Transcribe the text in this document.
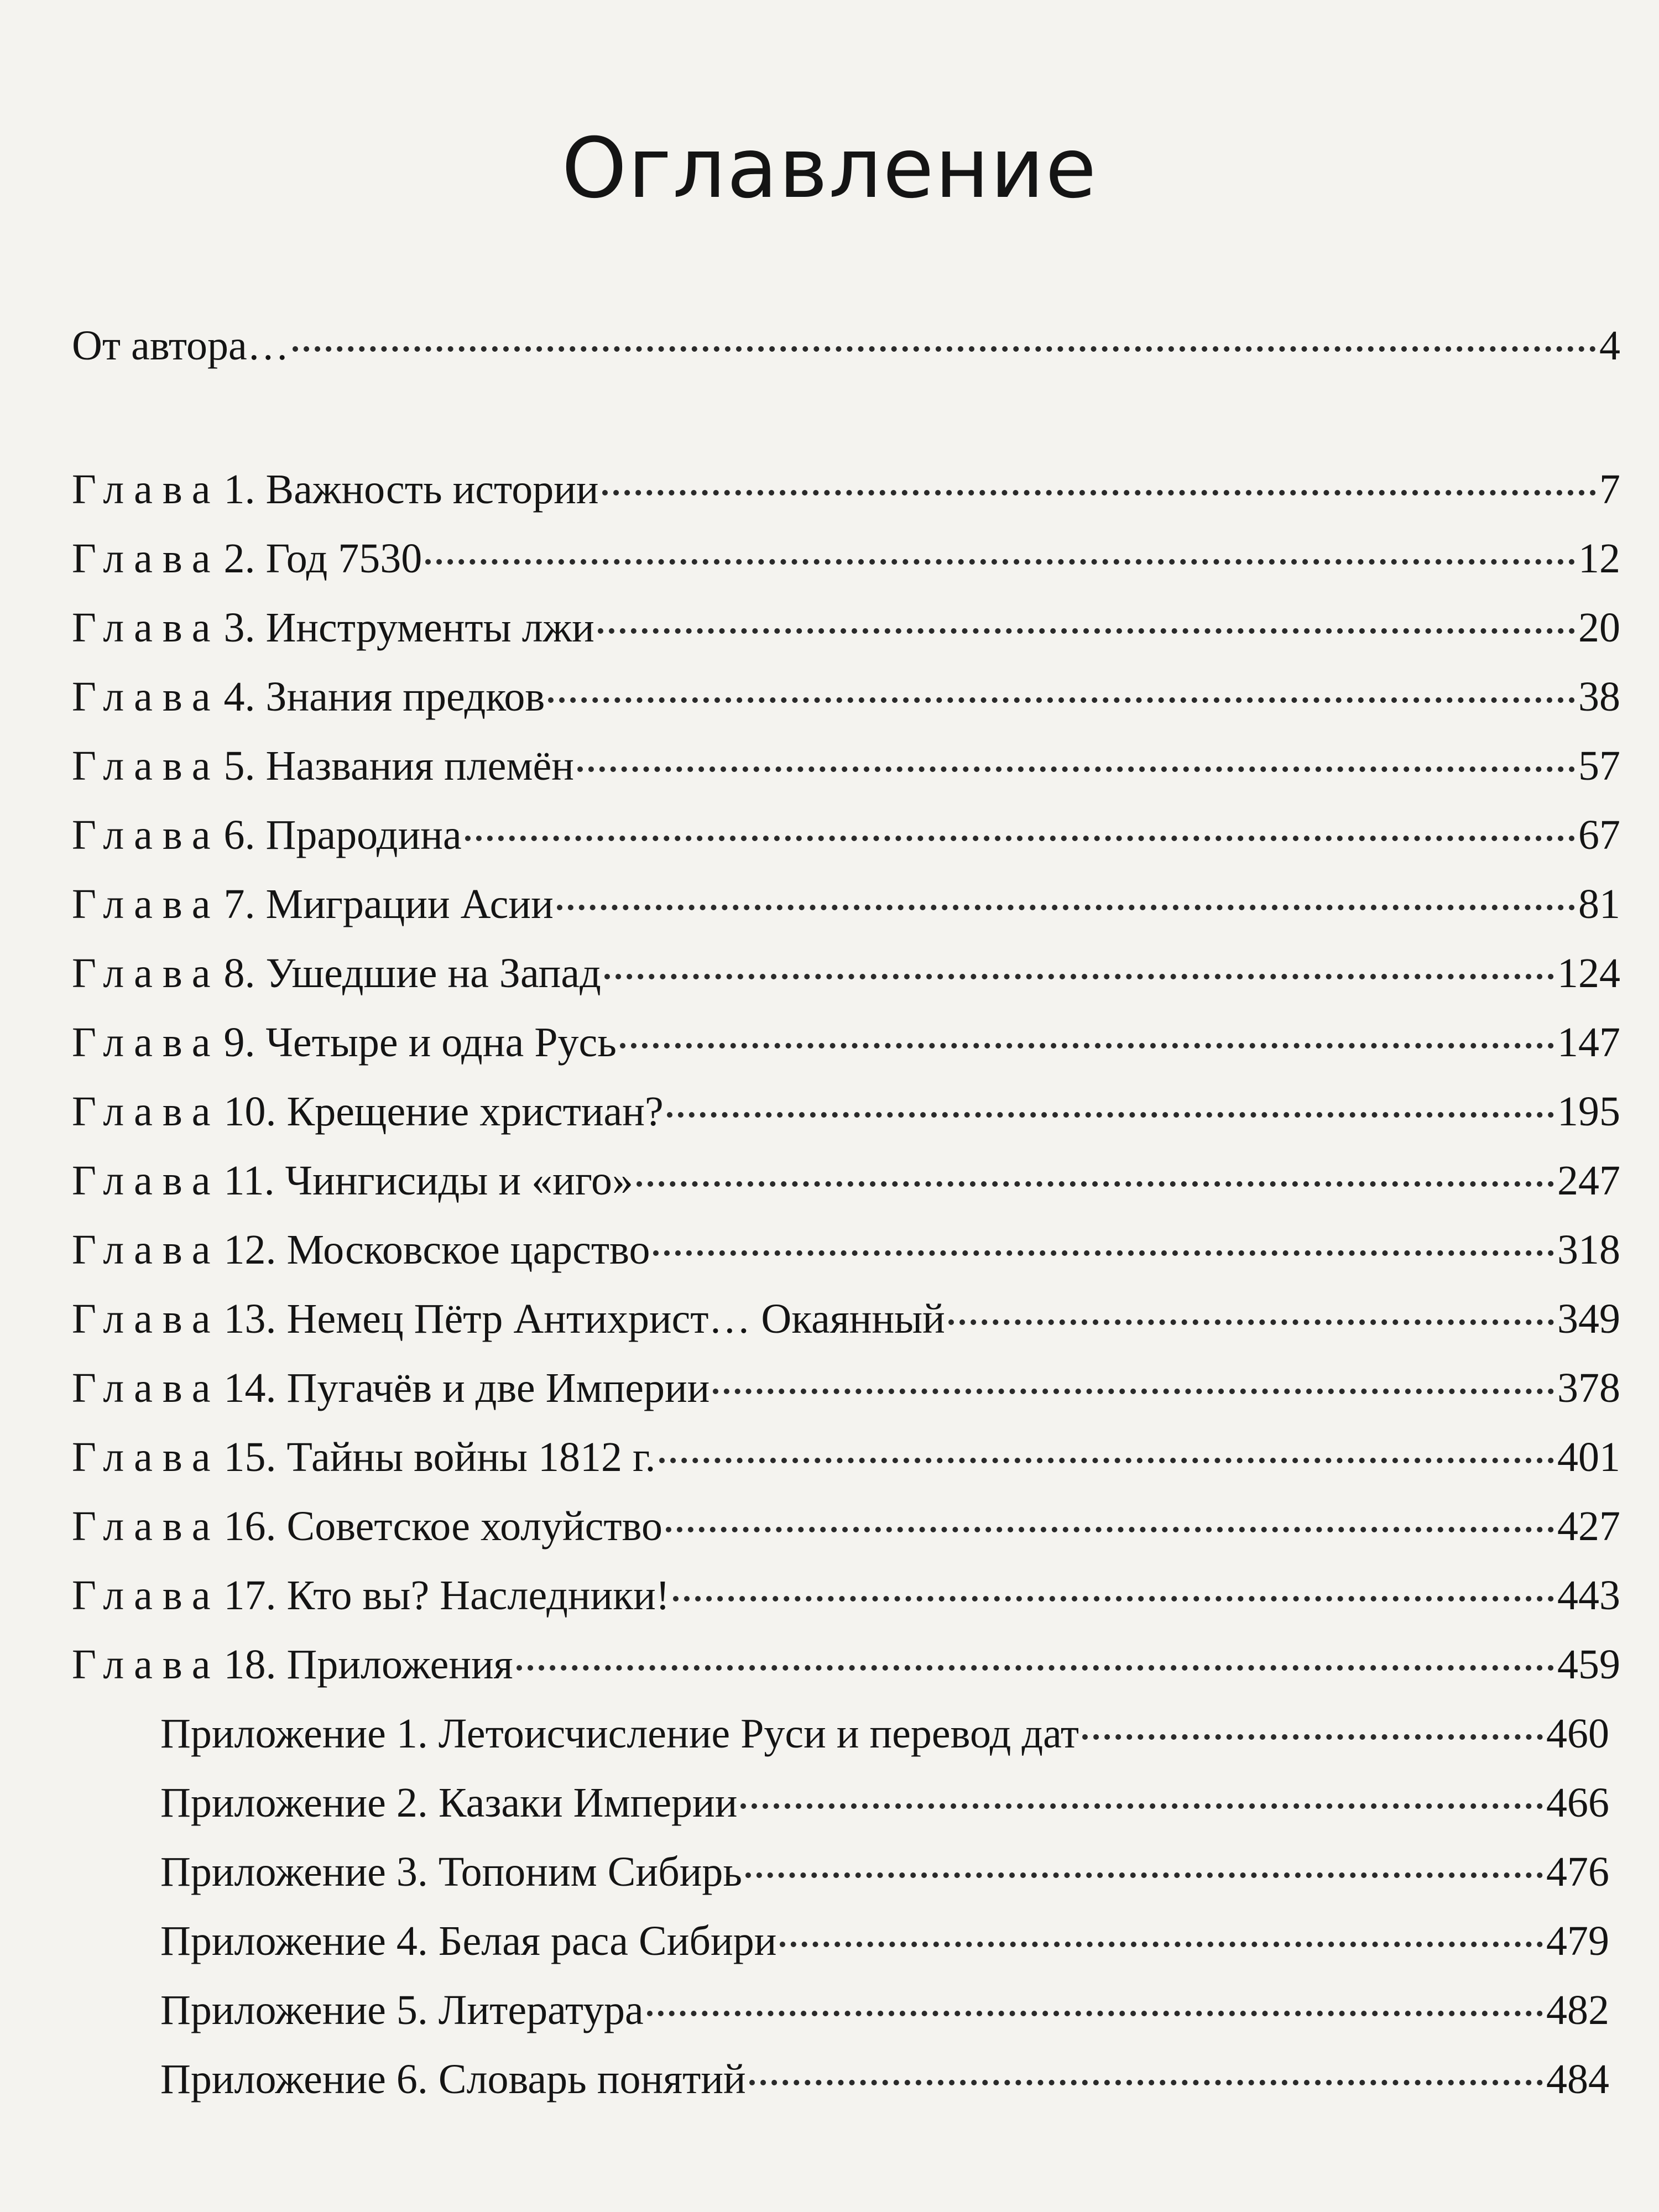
Оглавление
От автора…	4
Глава 1. Важность истории	7
Глава 2. Год 7530	12
Глава 3. Инструменты лжи	20
Глава 4. Знания предков	38
Глава 5. Названия племён	57
Глава 6. Прародина	67
Глава 7. Миграции Асии	81
Глава 8. Ушедшие на Запад	124
Глава 9. Четыре и одна Русь	147
Глава 10. Крещение христиан?	195
Глава 11. Чингисиды и «иго»	247
Глава 12. Московское царство	318
Глава 13. Немец Пётр Антихрист… Окаянный	349
Глава 14. Пугачёв и две Империи	378
Глава 15. Тайны войны 1812 г.	401
Глава 16. Советское холуйство	427
Глава 17. Кто вы? Наследники!	443
Глава 18. Приложения	459
Приложение 1. Летоисчисление Руси и перевод дат	460
Приложение 2. Казаки Империи	466
Приложение 3. Топоним Сибирь	476
Приложение 4. Белая раса Сибири	479
Приложение 5. Литература	482
Приложение 6. Словарь понятий	484
